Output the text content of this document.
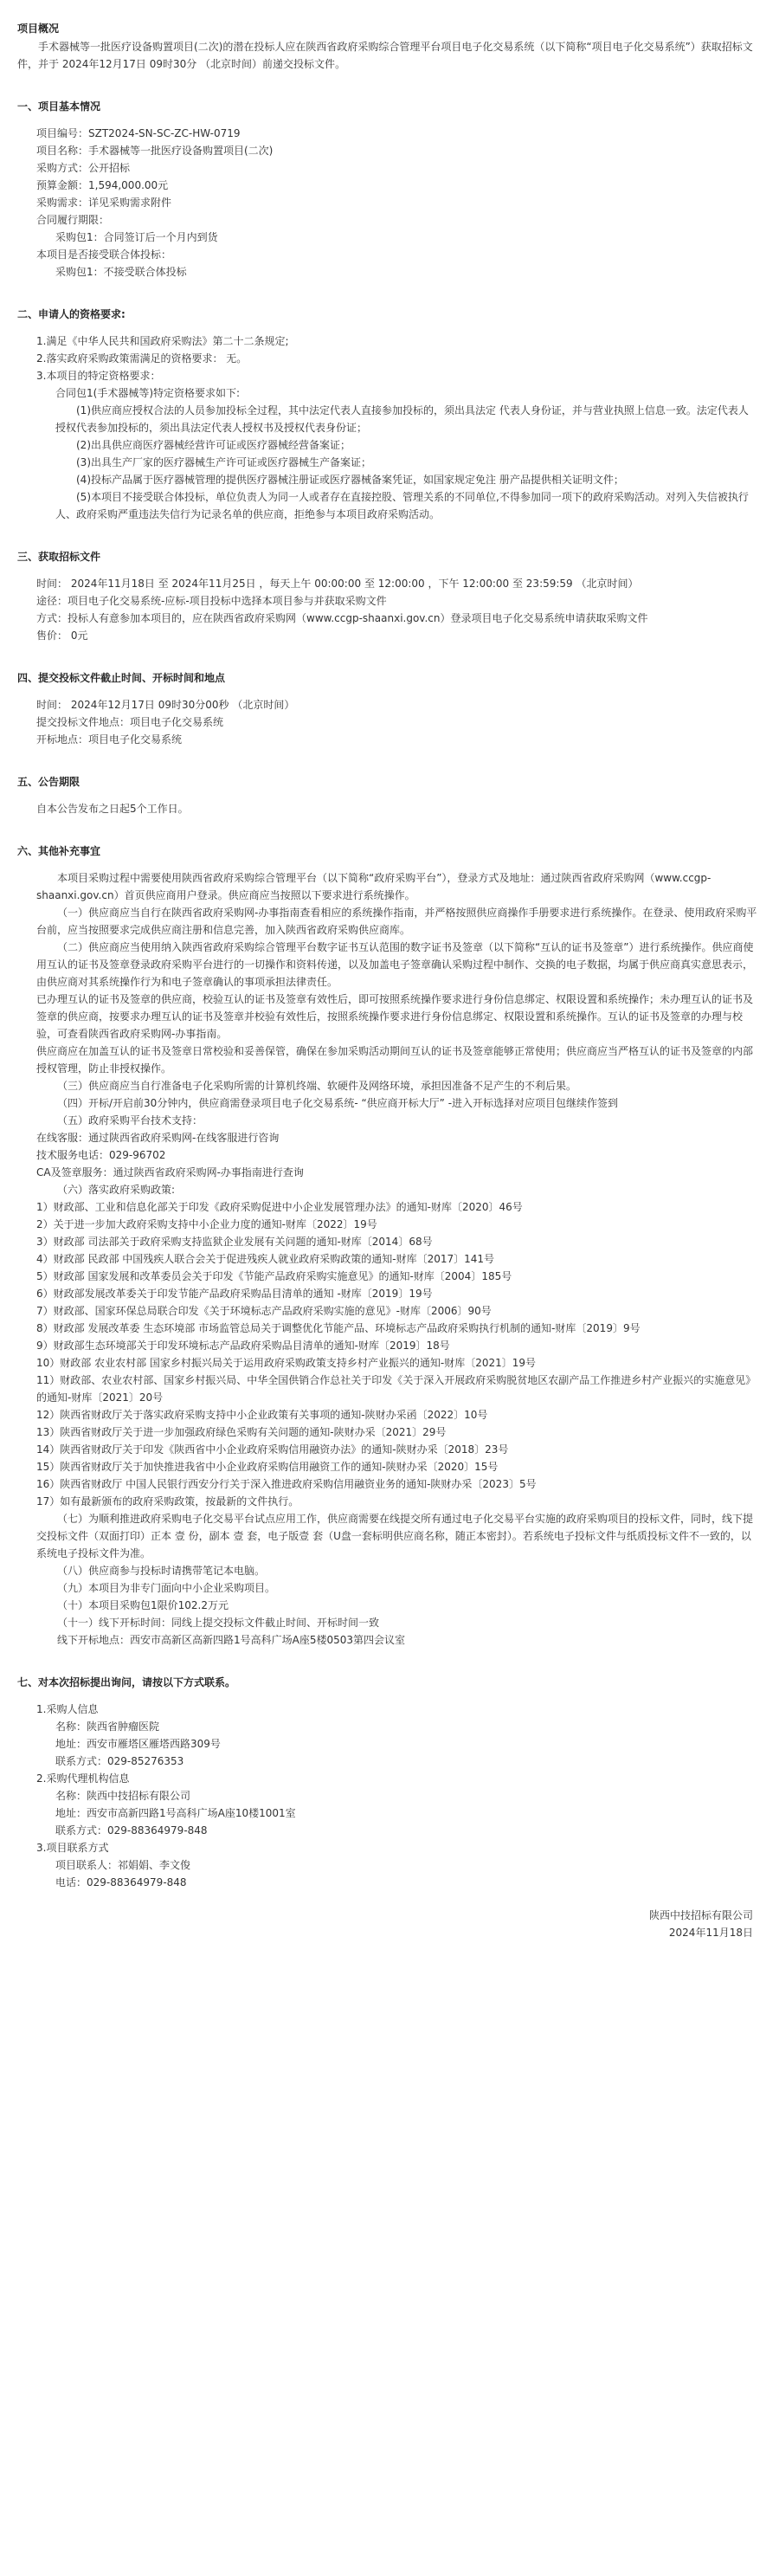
项目概况

手术器械等一批医疗设备购置项目(二次)的潜在投标人应在陕西省政府采购综合管理平台项目电子化交易系统（以下简称“项目电子化交易系统”）获取招标文件，并于 2024年12月17日 09时30分 （北京时间）前递交投标文件。

一、项目基本情况

项目编号：SZT2024-SN-SC-ZC-HW-0719

项目名称：手术器械等一批医疗设备购置项目(二次)

采购方式：公开招标

预算金额：1,594,000.00元

采购需求：详见采购需求附件

合同履行期限：

采购包1：合同签订后一个月内到货

本项目是否接受联合体投标：

采购包1：不接受联合体投标

二、申请人的资格要求:

1.满足《中华人民共和国政府采购法》第二十二条规定;

2.落实政府采购政策需满足的资格要求： 无。

3.本项目的特定资格要求：

合同包1(手术器械等)特定资格要求如下:

(1)供应商应授权合法的人员参加投标全过程，其中法定代表人直接参加投标的，须出具法定 代表人身份证，并与营业执照上信息一致。法定代表人授权代表参加投标的，须出具法定代表人授权书及授权代表身份证；

(2)出具供应商医疗器械经营许可证或医疗器械经营备案证；

(3)出具生产厂家的医疗器械生产许可证或医疗器械生产备案证；

(4)投标产品属于医疗器械管理的提供医疗器械注册证或医疗器械备案凭证，如国家规定免注 册产品提供相关证明文件；

(5)本项目不接受联合体投标，单位负责人为同一人或者存在直接控股、管理关系的不同单位,不得参加同一项下的政府采购活动。对列入失信被执行人、政府采购严重违法失信行为记录名单的供应商，拒绝参与本项目政府采购活动。

三、获取招标文件

时间： 2024年11月18日 至 2024年11月25日 ，每天上午 00:00:00 至 12:00:00 ，下午 12:00:00 至 23:59:59 （北京时间）

途径：项目电子化交易系统-应标-项目投标中选择本项目参与并获取采购文件

方式：投标人有意参加本项目的，应在陕西省政府采购网（www.ccgp-shaanxi.gov.cn）登录项目电子化交易系统申请获取采购文件

售价： 0元

四、提交投标文件截止时间、开标时间和地点

时间： 2024年12月17日 09时30分00秒 （北京时间）

提交投标文件地点：项目电子化交易系统

开标地点：项目电子化交易系统

五、公告期限

自本公告发布之日起5个工作日。

六、其他补充事宜

本项目采购过程中需要使用陕西省政府采购综合管理平台（以下简称“政府采购平台”），登录方式及地址：通过陕西省政府采购网（www.ccgp-shaanxi.gov.cn）首页供应商用户登录。供应商应当按照以下要求进行系统操作。

（一）供应商应当自行在陕西省政府采购网-办事指南查看相应的系统操作指南，并严格按照供应商操作手册要求进行系统操作。在登录、使用政府采购平台前，应当按照要求完成供应商注册和信息完善，加入陕西省政府采购供应商库。

（二）供应商应当使用纳入陕西省政府采购综合管理平台数字证书互认范围的数字证书及签章（以下简称“互认的证书及签章”）进行系统操作。供应商使用互认的证书及签章登录政府采购平台进行的一切操作和资料传递，以及加盖电子签章确认采购过程中制作、交换的电子数据，均属于供应商真实意思表示，由供应商对其系统操作行为和电子签章确认的事项承担法律责任。

已办理互认的证书及签章的供应商，校验互认的证书及签章有效性后，即可按照系统操作要求进行身份信息绑定、权限设置和系统操作；未办理互认的证书及签章的供应商，按要求办理互认的证书及签章并校验有效性后，按照系统操作要求进行身份信息绑定、权限设置和系统操作。互认的证书及签章的办理与校验，可查看陕西省政府采购网-办事指南。

供应商应在加盖互认的证书及签章日常校验和妥善保管，确保在参加采购活动期间互认的证书及签章能够正常使用；供应商应当严格互认的证书及签章的内部授权管理，防止非授权操作。

（三）供应商应当自行准备电子化采购所需的计算机终端、软硬件及网络环境，承担因准备不足产生的不利后果。

（四）开标/开启前30分钟内，供应商需登录项目电子化交易系统- “供应商开标大厅” -进入开标选择对应项目包继续作签到

（五）政府采购平台技术支持：

在线客服：通过陕西省政府采购网-在线客服进行咨询

技术服务电话：029-96702

CA及签章服务：通过陕西省政府采购网-办事指南进行查询

（六）落实政府采购政策:

1）财政部、工业和信息化部关于印发《政府采购促进中小企业发展管理办法》的通知-财库〔2020〕46号

2）关于进一步加大政府采购支持中小企业力度的通知-财库〔2022〕19号

3）财政部 司法部关于政府采购支持监狱企业发展有关问题的通知-财库〔2014〕68号

4）财政部 民政部 中国残疾人联合会关于促进残疾人就业政府采购政策的通知-财库〔2017〕141号

5）财政部 国家发展和改革委员会关于印发《节能产品政府采购实施意见》的通知-财库〔2004〕185号

6）财政部发展改革委关于印发节能产品政府采购品目清单的通知 -财库〔2019〕19号

7）财政部、国家环保总局联合印发《关于环境标志产品政府采购实施的意见》-财库〔2006〕90号

8）财政部 发展改革委 生态环境部 市场监管总局关于调整优化节能产品、环境标志产品政府采购执行机制的通知-财库〔2019〕9号

9）财政部生态环境部关于印发环境标志产品政府采购品目清单的通知-财库〔2019〕18号

10）财政部 农业农村部 国家乡村振兴局关于运用政府采购政策支持乡村产业振兴的通知-财库〔2021〕19号

11）财政部、农业农村部、国家乡村振兴局、中华全国供销合作总社关于印发《关于深入开展政府采购脱贫地区农副产品工作推进乡村产业振兴的实施意见》的通知-财库〔2021〕20号

12）陕西省财政厅关于落实政府采购支持中小企业政策有关事项的通知-陕财办采函〔2022〕10号

13）陕西省财政厅关于进一步加强政府绿色采购有关问题的通知-陕财办采〔2021〕29号

14）陕西省财政厅关于印发《陕西省中小企业政府采购信用融资办法》的通知-陕财办采〔2018〕23号

15）陕西省财政厅关于加快推进我省中小企业政府采购信用融资工作的通知-陕财办采〔2020〕15号

16）陕西省财政厅 中国人民银行西安分行关于深入推进政府采购信用融资业务的通知-陕财办采〔2023〕5号

17）如有最新颁布的政府采购政策，按最新的文件执行。

（七）为顺利推进政府采购电子化交易平台试点应用工作，供应商需要在线提交所有通过电子化交易平台实施的政府采购项目的投标文件，同时，线下提交投标文件（双面打印）正本 壹 份，副本 壹 套，电子版壹 套（U盘一套标明供应商名称，随正本密封）。若系统电子投标文件与纸质投标文件不一致的，以系统电子投标文件为准。

（八）供应商参与投标时请携带笔记本电脑。

（九）本项目为非专门面向中小企业采购项目。

（十）本项目采购包1限价102.2万元

（十一）线下开标时间：同线上提交投标文件截止时间、开标时间一致

线下开标地点：西安市高新区高新四路1号高科广场A座5楼0503第四会议室

七、对本次招标提出询问，请按以下方式联系。

1.采购人信息

名称：陕西省肿瘤医院

地址：西安市雁塔区雁塔西路309号

联系方式：029-85276353

2.采购代理机构信息

名称：陕西中技招标有限公司

地址：西安市高新四路1号高科广场A座10楼1001室

联系方式：029-88364979-848

3.项目联系方式

项目联系人：祁娟娟、李文俊

电话：029-88364979-848

陕西中技招标有限公司

2024年11月18日
